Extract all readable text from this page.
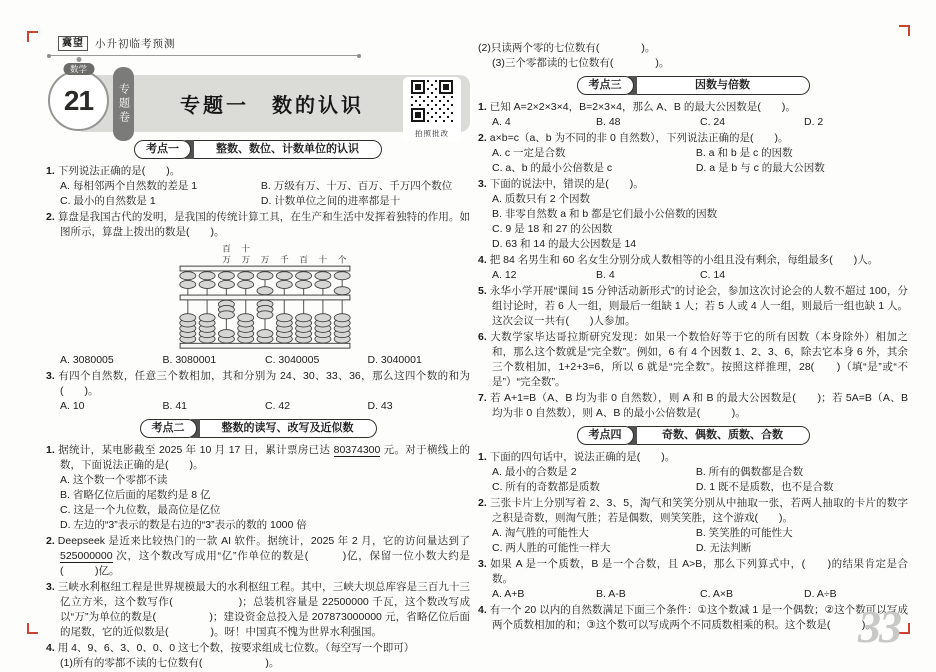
冀望	小升初临考预测
数学
21	专题卷	专题一　数的认识
拍照批改
考点一	整数、数位、计数单位的认识
1. 下列说法正确的是(　　)。
A. 每相邻两个自然数的差是 1	B. 万级有万、十万、百万、千万四个数位
C. 最小的自然数是 1	D. 计数单位之间的进率都是十
2. 算盘是我国古代的发明，是我国的传统计算工具，在生产和生活中发挥着独特的作用。如图所示，算盘上拨出的数是(　　)。
百 十
万 万 万 千 百 十 个
A. 3080005	B. 3080001	C. 3040005	D. 3040001
3. 有四个自然数，任意三个数相加，其和分别为 24、30、33、36，那么这四个数的和为(　　)。
A. 10	B. 41	C. 42	D. 43
考点二	整数的读写、改写及近似数
1. 据统计，某电影截至 2025 年 10 月 17 日，累计票房已达 80374300 元。对于横线上的数，下面说法正确的是(　　)。
A. 这个数一个零都不读
B. 省略亿位后面的尾数约是 8 亿
C. 这是一个九位数，最高位是亿位
D. 左边的“3”表示的数是右边的“3”表示的数的 1000 倍
2. Deepseek 是近来比较热门的一款 AI 软件。据统计，2025 年 2 月，它的访问量达到了 525000000 次，这个数改写成用“亿”作单位的数是(　　　)亿，保留一位小数大约是(　　　)亿。
3. 三峡水利枢纽工程是世界规模最大的水利枢纽工程。其中，三峡大坝总库容是三百九十三亿立方米，这个数写作(　　　　　　)；总装机容量是 22500000 千瓦，这个数改写成以“万”为单位的数是(　　　　　)；建设资金总投入是 207873000000 元，省略亿位后面的尾数，它的近似数是(　　　　)。呀！中国真不愧为世界水利强国。
4. 用 4、9、6、3、0、0、0 这七个数，按要求组成七位数。（每空写一个即可）
(1)所有的零都不读的七位数有(　　　　　　)。
(2)只读两个零的七位数有(　　　　)。
(3)三个零都读的七位数有(　　　　)。
考点三	因数与倍数
1. 已知 A=2×2×3×4，B=2×3×4，那么 A、B 的最大公因数是(　　)。
A. 4	B. 48	C. 24	D. 2
2. a×b=c（a、b 为不同的非 0 自然数），下列说法正确的是(　　)。
A. c 一定是合数	B. a 和 b 是 c 的因数
C. a、b 的最小公倍数是 c	D. a 是 b 与 c 的最大公因数
3. 下面的说法中，错误的是(　　)。
A. 质数只有 2 个因数
B. 非零自然数 a 和 b 都是它们最小公倍数的因数
C. 9 是 18 和 27 的公因数
D. 63 和 14 的最大公因数是 14
4. 把 84 名男生和 60 名女生分别分成人数相等的小组且没有剩余，每组最多(　　)人。
A. 12	B. 4	C. 14
5. 永华小学开展“课间 15 分钟活动新形式”的讨论会，参加这次讨论会的人数不超过 100，分组讨论时，若 6 人一组，则最后一组缺 1 人；若 5 人或 4 人一组，则最后一组也缺 1 人。这次会议一共有(　　)人参加。
6. 大数学家毕达哥拉斯研究发现：如果一个数恰好等于它的所有因数（本身除外）相加之和，那么这个数就是“完全数”。例如，6 有 4 个因数 1、2、3、6，除去它本身 6 外，其余三个数相加，1+2+3=6，所以 6 就是“完全数”。按照这样推理，28(　　)（填“是”或“不是”）“完全数”。
7. 若 A+1=B（A、B 均为非 0 自然数），则 A 和 B 的最大公因数是(　　)；若 5A=B（A、B 均为非 0 自然数），则 A、B 的最小公倍数是(　　　)。
考点四	奇数、偶数、质数、合数
1. 下面的四句话中，说法正确的是(　　)。
A. 最小的合数是 2	B. 所有的偶数都是合数
C. 所有的奇数都是质数	D. 1 既不是质数，也不是合数
2. 三张卡片上分别写着 2、3、5，淘气和笑笑分别从中抽取一张，若两人抽取的卡片的数字之积是奇数，则淘气胜；若是偶数，则笑笑胜，这个游戏(　　)。
A. 淘气胜的可能性大	B. 笑笑胜的可能性大
C. 两人胜的可能性一样大	D. 无法判断
3. 如果 A 是一个质数，B 是一个合数，且 A>B，那么下列算式中，(　　)的结果肯定是合数。
A. A+B	B. A-B	C. A×B	D. A÷B
4. 有一个 20 以内的自然数满足下面三个条件：①这个数减 1 是一个偶数；②这个数可以写成两个质数相加的和；③这个数可以写成两个不同质数相乘的积。这个数是(　　　)。
33
